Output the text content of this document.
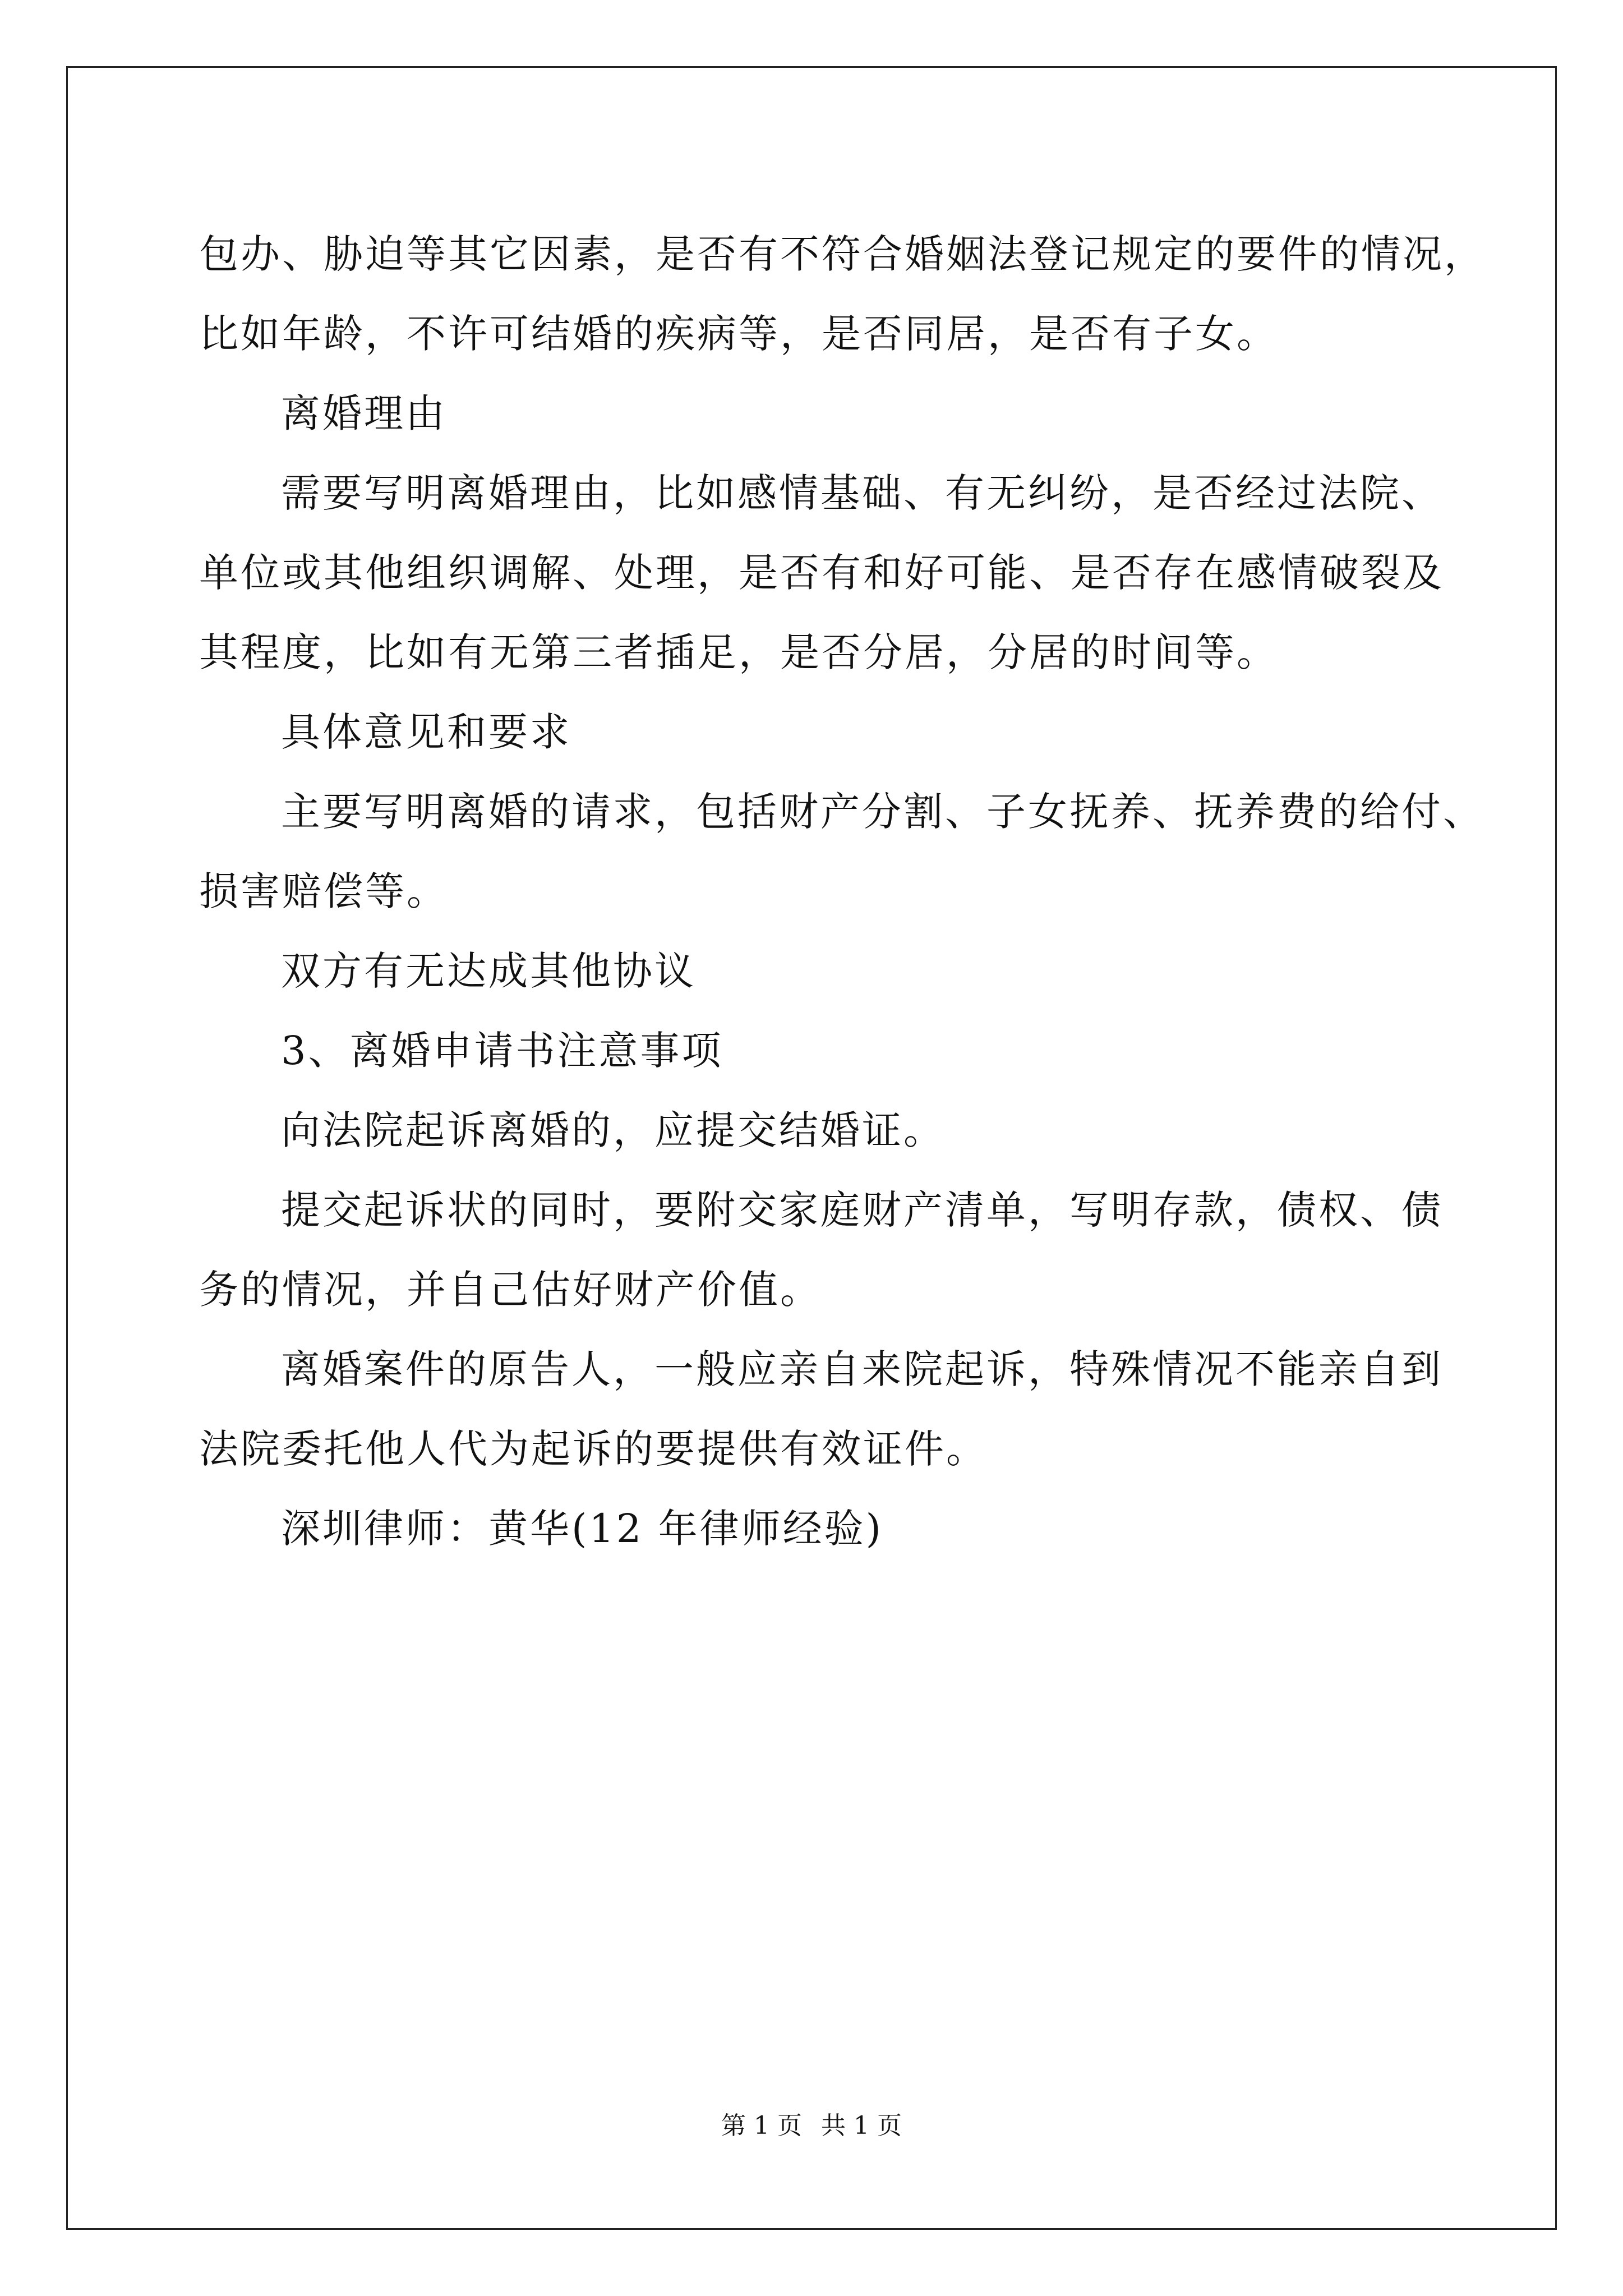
包办、胁迫等其它因素，是否有不符合婚姻法登记规定的要件的情况，
比如年龄，不许可结婚的疾病等，是否同居，是否有子女。
离婚理由
需要写明离婚理由，比如感情基础、有无纠纷，是否经过法院、
单位或其他组织调解、处理，是否有和好可能、是否存在感情破裂及
其程度，比如有无第三者插足，是否分居，分居的时间等。
具体意见和要求
主要写明离婚的请求，包括财产分割、子女抚养、抚养费的给付、
损害赔偿等。
双方有无达成其他协议
3、离婚申请书注意事项
向法院起诉离婚的，应提交结婚证。
提交起诉状的同时，要附交家庭财产清单，写明存款，债权、债
务的情况，并自己估好财产价值。
离婚案件的原告人，一般应亲自来院起诉，特殊情况不能亲自到
法院委托他人代为起诉的要提供有效证件。
深圳律师：黄华(12 年律师经验)
第 1 页 共 1 页
